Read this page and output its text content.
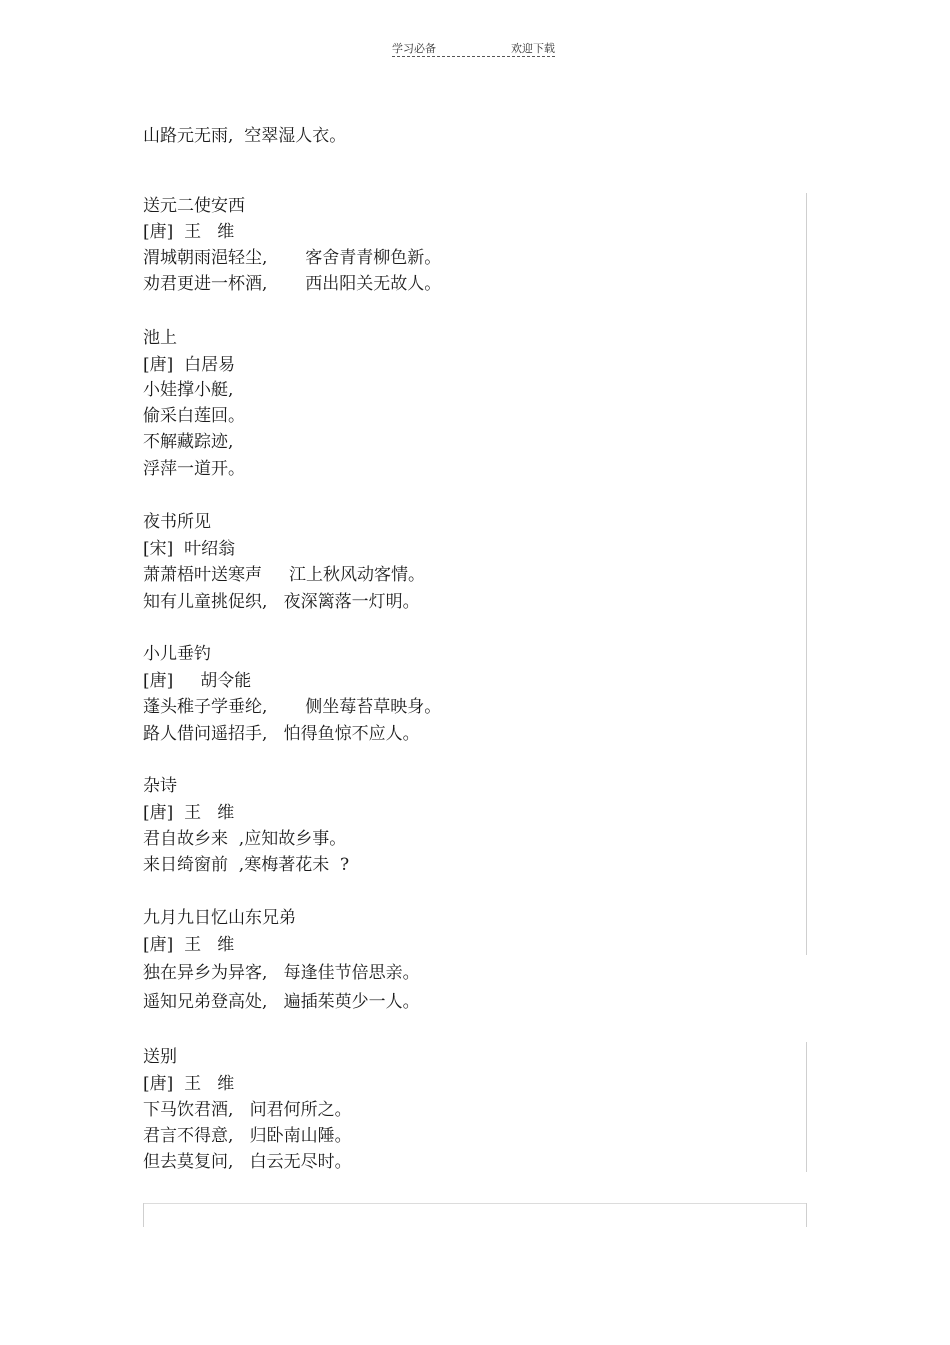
学习必备	欢迎下载
山路元无雨,  空翠湿人衣。
送元二使安西
[唐]  王   维
渭城朝雨浥轻尘,       客舍青青柳色新。
劝君更进一杯酒,       西出阳关无故人。
池上
[唐]  白居易
小娃撑小艇,
偷采白莲回。
不解藏踪迹,
浮萍一道开。
夜书所见
[宋]  叶绍翁
萧萧梧叶送寒声     江上秋风动客情。
知有儿童挑促织,   夜深篱落一灯明。
小儿垂钓
[唐]     胡令能
蓬头稚子学垂纶,       侧坐莓苔草映身。
路人借问遥招手,   怕得鱼惊不应人。
杂诗
[唐]  王   维
君自故乡来  ,应知故乡事。
来日绮窗前  ,寒梅著花未  ?
九月九日忆山东兄弟
[唐]  王   维
独在异乡为异客,   每逢佳节倍思亲。
遥知兄弟登高处,   遍插茱萸少一人。
送别
[唐]  王   维
下马饮君酒,   问君何所之。
君言不得意,   归卧南山陲。
但去莫复问,   白云无尽时。
